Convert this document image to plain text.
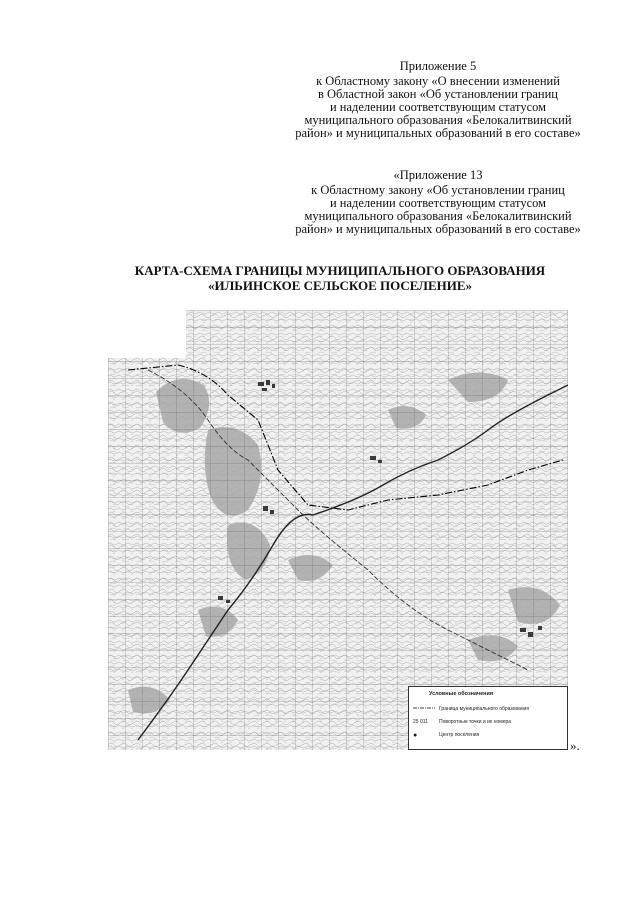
Приложение 5
к Областному закону «О внесении изменений
в Областной закон «Об установлении границ
и наделении соответствующим статусом
муниципального образования «Белокалитвинский
район» и муниципальных образований в его составе»
«Приложение 13
к Областному закону «Об установлении границ
и наделении соответствующим статусом
муниципального образования «Белокалитвинский
район» и муниципальных образований в его составе»
КАРТА-СХЕМА ГРАНИЦЫ МУНИЦИПАЛЬНОГО ОБРАЗОВАНИЯ
«ИЛЬИНСКОЕ СЕЛЬСКОЕ ПОСЕЛЕНИЕ»
Условные обозначения
Граница муниципального образования
25 011	Поворотные точки и их номера
●	Центр поселения
».
